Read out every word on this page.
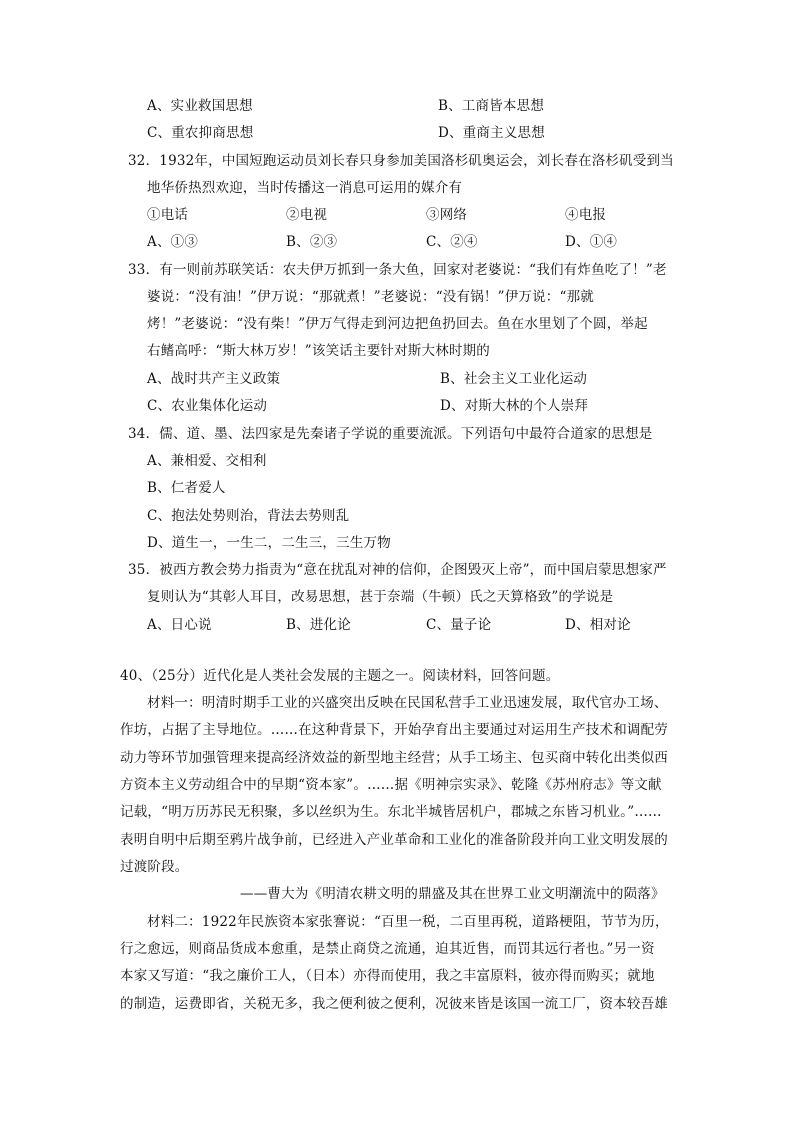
A、实业救国思想	B、工商皆本思想
C、重农抑商思想	D、重商主义思想
32．1932年，中国短跑运动员刘长春只身参加美国洛杉矶奥运会，刘长春在洛杉矶受到当
地华侨热烈欢迎，当时传播这一消息可运用的媒介有
①电话	②电视	③网络	④电报
A、①③	B、②③	C、②④	D、①④
33．有一则前苏联笑话：农夫伊万抓到一条大鱼，回家对老婆说：“我们有炸鱼吃了！”老
婆说：“没有油！”伊万说：“那就煮！”老婆说：“没有锅！”伊万说：“那就
烤！”老婆说：“没有柴！”伊万气得走到河边把鱼扔回去。鱼在水里划了个圆，举起
右鳍高呼：“斯大林万岁！”该笑话主要针对斯大林时期的
A、战时共产主义政策	B、社会主义工业化运动
C、农业集体化运动	D、对斯大林的个人崇拜
34．儒、道、墨、法四家是先秦诸子学说的重要流派。下列语句中最符合道家的思想是
A、兼相爱、交相利
B、仁者爱人
C、抱法处势则治，背法去势则乱
D、道生一，一生二，二生三，三生万物
35．被西方教会势力指责为“意在扰乱对神的信仰，企图毁灭上帝”，而中国启蒙思想家严
复则认为“其彰人耳目，改易思想，甚于奈端（牛顿）氏之天算格致”的学说是
A、日心说	B、进化论	C、量子论	D、相对论
40、（25分）近代化是人类社会发展的主题之一。阅读材料，回答问题。
材料一：明清时期手工业的兴盛突出反映在民国私营手工业迅速发展，取代官办工场、
作坊，占据了主导地位。……在这种背景下，开始孕育出主要通过对运用生产技术和调配劳
动力等环节加强管理来提高经济效益的新型地主经营；从手工场主、包买商中转化出类似西
方资本主义劳动组合中的早期“资本家”。……据《明神宗实录》、乾隆《苏州府志》等文献
记载，“明万历苏民无积聚，多以丝织为生。东北半城皆居机户，郡城之东皆习机业。”……
表明自明中后期至鸦片战争前，已经进入产业革命和工业化的准备阶段并向工业文明发展的
过渡阶段。
——曹大为《明清农耕文明的鼎盛及其在世界工业文明潮流中的陨落》
材料二：1922年民族资本家张謇说：“百里一税，二百里再税，道路梗阻，节节为历，
行之愈远，则商品货成本愈重，是禁止商贷之流通，迫其近售，而罚其远行者也。”另一资
本家又写道：“我之廉价工人，（日本）亦得而使用，我之丰富原料，彼亦得而购买；就地
的制造，运费即省，关税无多，我之便利彼之便利，况彼来皆是该国一流工厂，资本较吾雄
